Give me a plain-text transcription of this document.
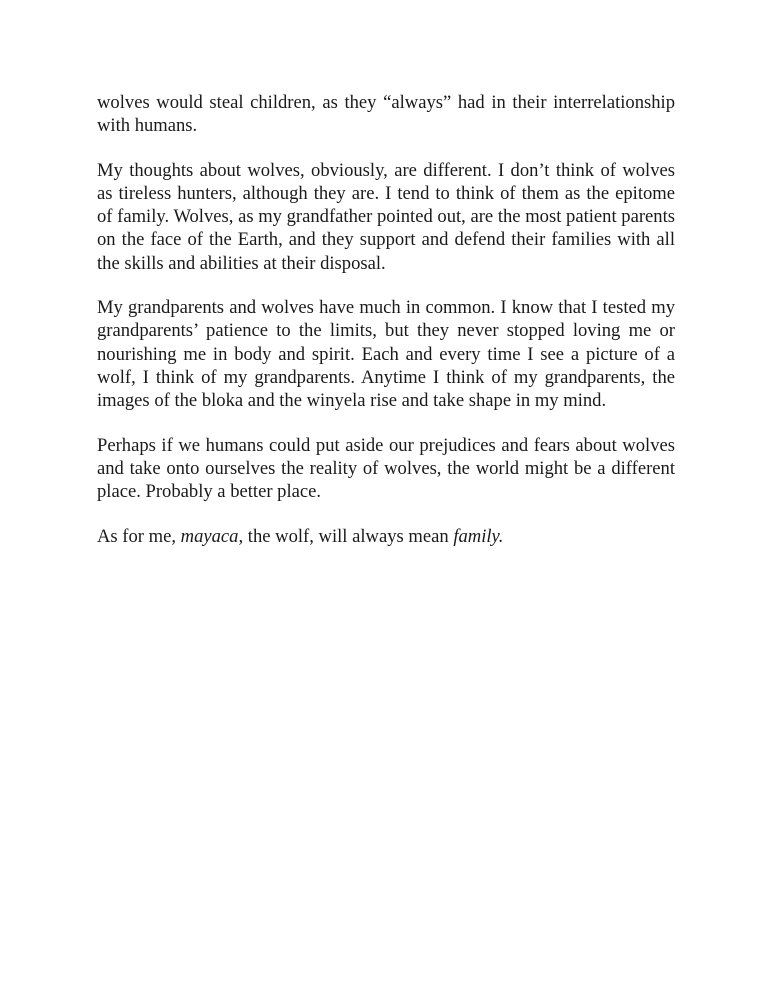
wolves would steal children, as they “always” had in their interrelationship with humans.

My thoughts about wolves, obviously, are different. I don’t think of wolves as tireless hunters, although they are. I tend to think of them as the epitome of family. Wolves, as my grandfather pointed out, are the most patient parents on the face of the Earth, and they support and defend their families with all the skills and abilities at their disposal.

My grandparents and wolves have much in common. I know that I tested my grandparents’ patience to the limits, but they never stopped loving me or nourishing me in body and spirit. Each and every time I see a picture of a wolf, I think of my grandparents. Anytime I think of my grandparents, the images of the bloka and the winyela rise and take shape in my mind.

Perhaps if we humans could put aside our prejudices and fears about wolves and take onto ourselves the reality of wolves, the world might be a different place. Probably a better place.

As for me, mayaca, the wolf, will always mean family.
